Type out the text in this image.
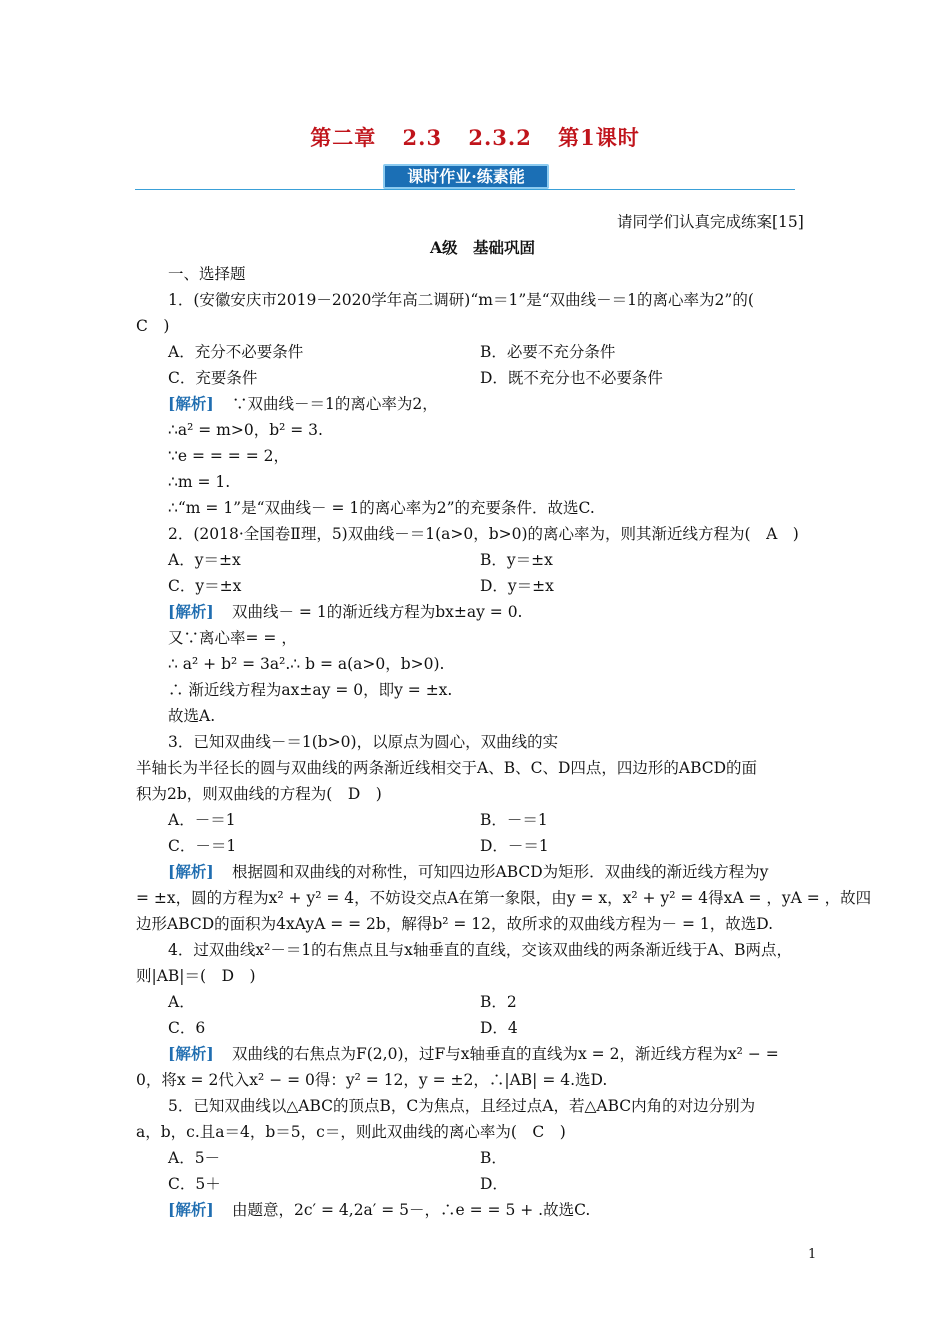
第二章 2.3 2.3.2 第1课时
课时作业·练素能
请同学们认真完成练案[15]
A级　基础巩固
一、选择题
1．(安徽安庆市2019－2020学年高二调研)“m＝1”是“双曲线－＝1的离心率为2”的(
C　)
A．充分不必要条件	B．必要不充分条件
C．充要条件	D．既不充分也不必要条件
[解析] ∵双曲线－＝1的离心率为2，
∴a² = m>0，b² = 3.
∵e = = = = 2，
∴m = 1.
∴“m = 1”是“双曲线－ = 1的离心率为2”的充要条件．故选C.
2．(2018·全国卷Ⅱ理，5)双曲线－＝1(a>0，b>0)的离心率为，则其渐近线方程为(　A　)
A．y＝±x	B．y＝±x
C．y＝±x	D．y＝±x
[解析] 双曲线－ = 1的渐近线方程为bx±ay = 0.
又∵离心率= = ，
∴ a² + b² = 3a².∴ b = a(a>0，b>0).
∴ 渐近线方程为ax±ay = 0，即y = ±x.
故选A.
3．已知双曲线－＝1(b>0)，以原点为圆心，双曲线的实
半轴长为半径长的圆与双曲线的两条渐近线相交于A、B、C、D四点，四边形的ABCD的面
积为2b，则双曲线的方程为(　D　)
A．－＝1	B．－＝1
C．－＝1	D．－＝1
[解析] 根据圆和双曲线的对称性，可知四边形ABCD为矩形．双曲线的渐近线方程为y
= ±x，圆的方程为x² + y² = 4，不妨设交点A在第一象限，由y = x，x² + y² = 4得xA = ，yA = ，故四
边形ABCD的面积为4xAyA = = 2b，解得b² = 12，故所求的双曲线方程为－ = 1，故选D.
4．过双曲线x²－＝1的右焦点且与x轴垂直的直线，交该双曲线的两条渐近线于A、B两点，
则|AB|＝(　D　)
A．	B．2
C．6	D．4
[解析] 双曲线的右焦点为F(2,0)，过F与x轴垂直的直线为x = 2，渐近线方程为x² − =
0，将x = 2代入x² − = 0得：y² = 12，y = ±2，∴|AB| = 4.选D.
5．已知双曲线以△ABC的顶点B，C为焦点，且经过点A，若△ABC内角的对边分别为
a，b，c.且a＝4，b＝5，c＝，则此双曲线的离心率为(　C　)
A．5－	B．
C．5＋	D．
[解析] 由题意，2c′ = 4,2a′ = 5－，∴e = = 5 + .故选C.
1
